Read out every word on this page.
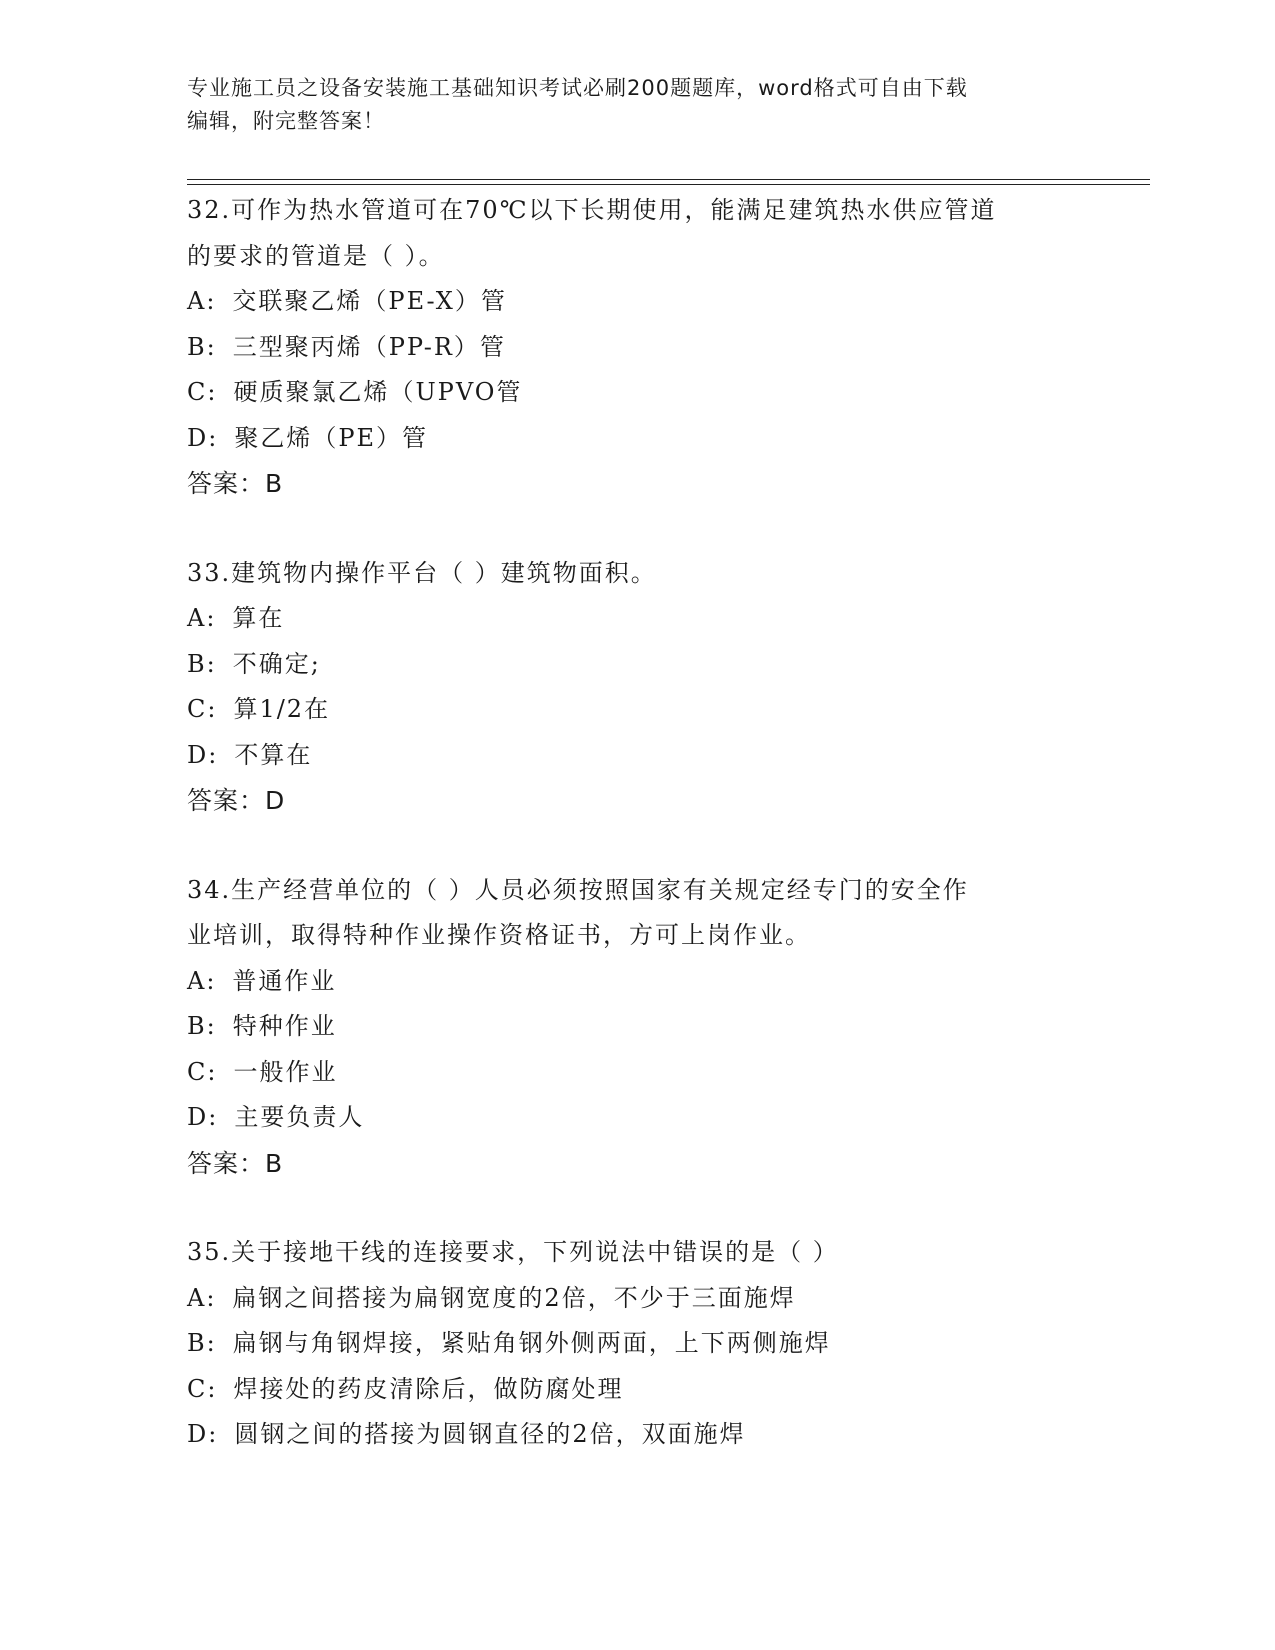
专业施工员之设备安装施工基础知识考试必刷200题题库，word格式可自由下载
编辑，附完整答案！
32.可作为热水管道可在70℃以下长期使用，能满足建筑热水供应管道
的要求的管道是（ ）。
A: 交联聚乙烯（PE-X）管
B: 三型聚丙烯（PP-R）管
C: 硬质聚氯乙烯（UPVO管
D: 聚乙烯（PE）管
答案：B
33.建筑物内操作平台（ ）建筑物面积。
A: 算在
B: 不确定;
C: 算1/2在
D: 不算在
答案：D
34.生产经营单位的（ ）人员必须按照国家有关规定经专门的安全作
业培训，取得特种作业操作资格证书，方可上岗作业。
A: 普通作业
B: 特种作业
C: 一般作业
D: 主要负责人
答案：B
35.关于接地干线的连接要求，下列说法中错误的是（ ）
A: 扁钢之间搭接为扁钢宽度的2倍，不少于三面施焊
B: 扁钢与角钢焊接，紧贴角钢外侧两面，上下两侧施焊
C: 焊接处的药皮清除后，做防腐处理
D: 圆钢之间的搭接为圆钢直径的2倍，双面施焊
